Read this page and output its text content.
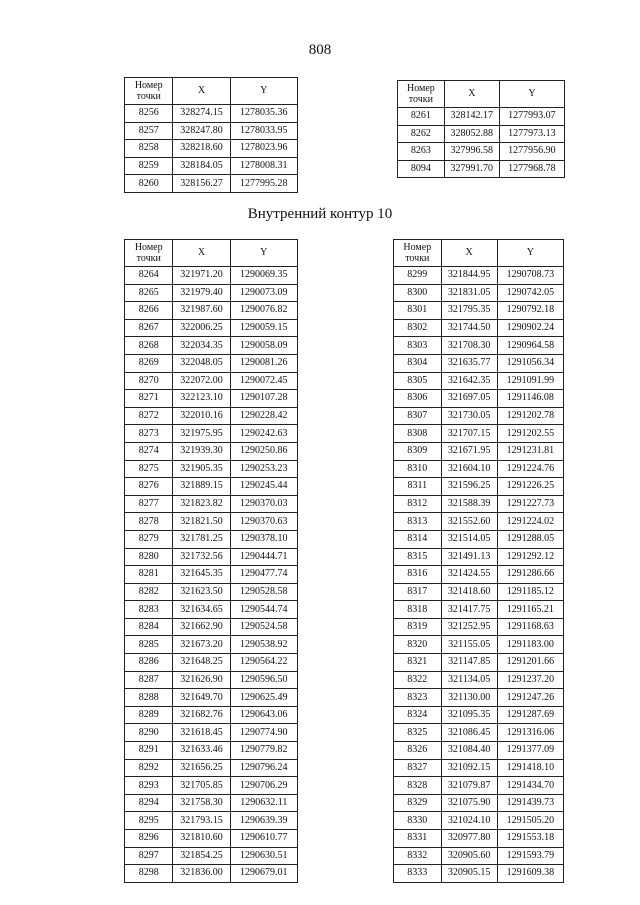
808
Номер
точки	X	Y
8256	328274.15	1278035.36
8257	328247.80	1278033.95
8258	328218.60	1278023.96
8259	328184.05	1278008.31
8260	328156.27	1277995.28
Номер
точки	X	Y
8261	328142.17	1277993.07
8262	328052.88	1277973.13
8263	327996.58	1277956.90
8094	327991.70	1277968.78
Внутренний контур 10
Номер
точки	X	Y
8264	321971.20	1290069.35
8265	321979.40	1290073.09
8266	321987.60	1290076.82
8267	322006.25	1290059.15
8268	322034.35	1290058.09
8269	322048.05	1290081.26
8270	322072.00	1290072.45
8271	322123.10	1290107.28
8272	322010.16	1290228.42
8273	321975.95	1290242.63
8274	321939.30	1290250.86
8275	321905.35	1290253.23
8276	321889.15	1290245.44
8277	321823.82	1290370.03
8278	321821.50	1290370.63
8279	321781.25	1290378.10
8280	321732.56	1290444.71
8281	321645.35	1290477.74
8282	321623.50	1290528.58
8283	321634.65	1290544.74
8284	321662.90	1290524.58
8285	321673.20	1290538.92
8286	321648.25	1290564.22
8287	321626.90	1290596.50
8288	321649.70	1290625.49
8289	321682.76	1290643.06
8290	321618.45	1290774.90
8291	321633.46	1290779.82
8292	321656.25	1290796.24
8293	321705.85	1290706.29
8294	321758.30	1290632.11
8295	321793.15	1290639.39
8296	321810.60	1290610.77
8297	321854.25	1290630.51
8298	321836.00	1290679.01
Номер
точки	X	Y
8299	321844.95	1290708.73
8300	321831.05	1290742.05
8301	321795.35	1290792.18
8302	321744.50	1290902.24
8303	321708.30	1290964.58
8304	321635.77	1291056.34
8305	321642.35	1291091.99
8306	321697.05	1291146.08
8307	321730.05	1291202.78
8308	321707.15	1291202.55
8309	321671.95	1291231.81
8310	321604.10	1291224.76
8311	321596.25	1291226.25
8312	321588.39	1291227.73
8313	321552.60	1291224.02
8314	321514.05	1291288.05
8315	321491.13	1291292.12
8316	321424.55	1291286.66
8317	321418.60	1291185.12
8318	321417.75	1291165.21
8319	321252.95	1291168.63
8320	321155.05	1291183.00
8321	321147.85	1291201.66
8322	321134.05	1291237.20
8323	321130.00	1291247.26
8324	321095.35	1291287.69
8325	321086.45	1291316.06
8326	321084.40	1291377.09
8327	321092.15	1291418.10
8328	321079.87	1291434.70
8329	321075.90	1291439.73
8330	321024.10	1291505.20
8331	320977.80	1291553.18
8332	320905.60	1291593.79
8333	320905.15	1291609.38
